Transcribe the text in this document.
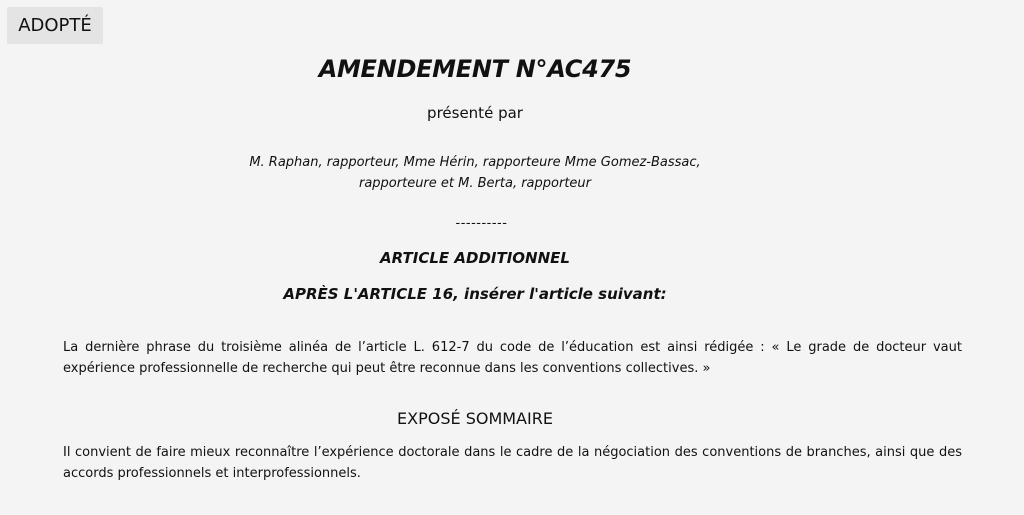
ADOPTÉ
AMENDEMENT N°AC475
présenté par
M. Raphan, rapporteur, Mme Hérin, rapporteure Mme Gomez-Bassac, rapporteure et M. Berta, rapporteur
----------
ARTICLE ADDITIONNEL
APRÈS L'ARTICLE 16, insérer l'article suivant:
La dernière phrase du troisième alinéa de l’article L. 612-7 du code de l’éducation est ainsi rédigée : « Le grade de docteur vaut expérience professionnelle de recherche qui peut être reconnue dans les conventions collectives. »
EXPOSÉ SOMMAIRE
Il convient de faire mieux reconnaître l’expérience doctorale dans le cadre de la négociation des conventions de branches, ainsi que des accords professionnels et interprofessionnels.
